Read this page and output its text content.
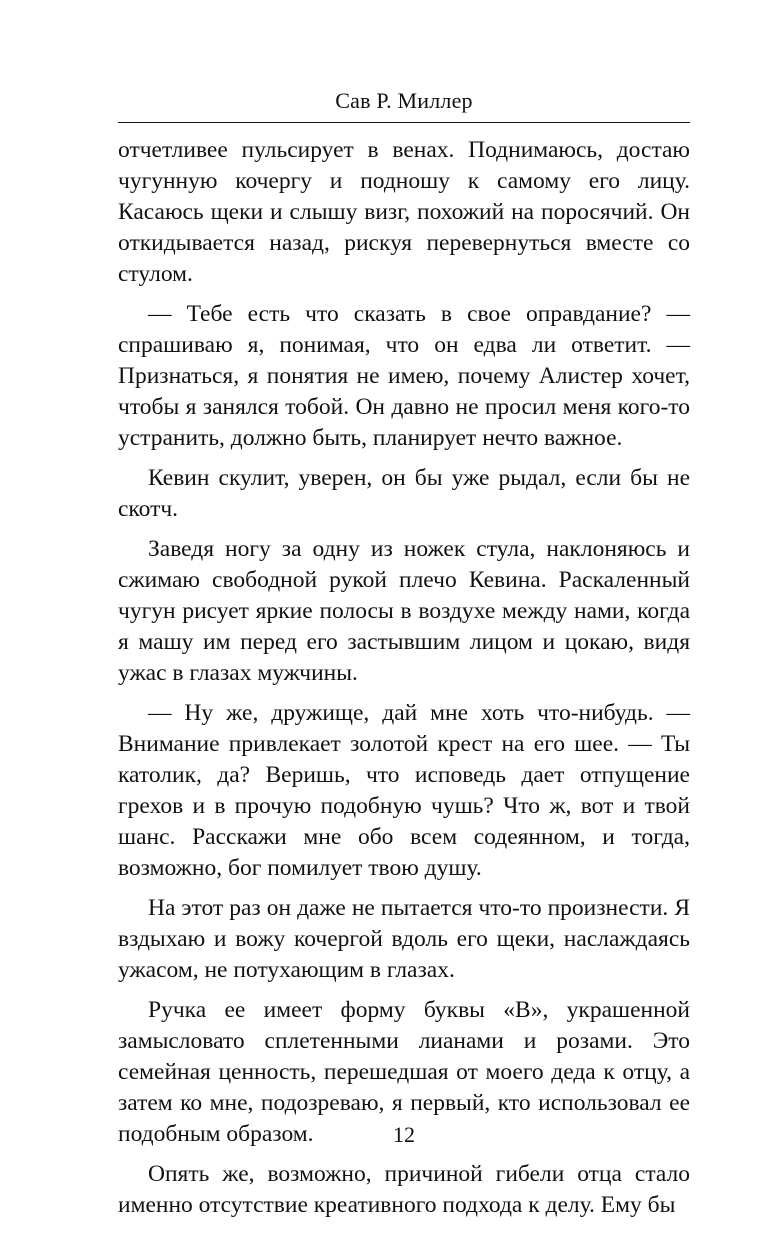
Сав Р. Миллер

отчетливее пульсирует в венах. Поднимаюсь, достаю чугунную кочергу и подношу к самому его лицу. Касаюсь щеки и слышу визг, похожий на поросячий. Он откидывается назад, рискуя перевернуться вместе со стулом.

— Тебе есть что сказать в свое оправдание? — спрашиваю я, понимая, что он едва ли ответит. — Признаться, я понятия не имею, почему Алистер хочет, чтобы я занялся тобой. Он давно не просил меня кого-то устранить, должно быть, планирует нечто важное.

Кевин скулит, уверен, он бы уже рыдал, если бы не скотч.

Заведя ногу за одну из ножек стула, наклоняюсь и сжимаю свободной рукой плечо Кевина. Раскаленный чугун рисует яркие полосы в воздухе между нами, когда я машу им перед его застывшим лицом и цокаю, видя ужас в глазах мужчины.

— Ну же, дружище, дай мне хоть что-нибудь. — Внимание привлекает золотой крест на его шее. — Ты католик, да? Веришь, что исповедь дает отпущение грехов и в прочую подобную чушь? Что ж, вот и твой шанс. Расскажи мне обо всем содеянном, и тогда, возможно, бог помилует твою душу.

На этот раз он даже не пытается что-то произнести. Я вздыхаю и вожу кочергой вдоль его щеки, наслаждаясь ужасом, не потухающим в глазах.

Ручка ее имеет форму буквы «В», украшенной замысловато сплетенными лианами и розами. Это семейная ценность, перешедшая от моего деда к отцу, а затем ко мне, подозреваю, я первый, кто использовал ее подобным образом.

Опять же, возможно, причиной гибели отца стало именно отсутствие креативного подхода к делу. Ему бы

12
